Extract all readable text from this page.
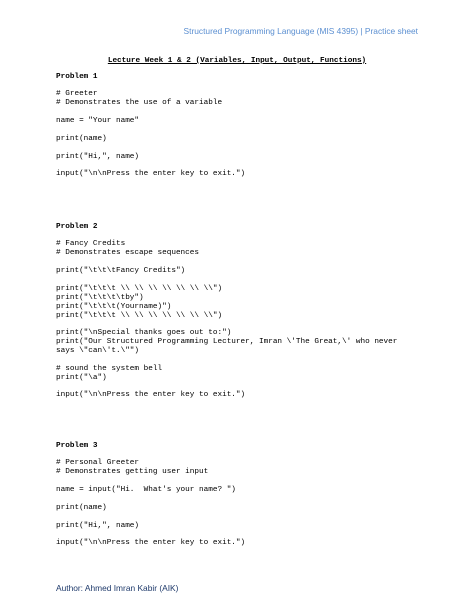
Structured Programming Language (MIS 4395) | Practice sheet
Lecture Week 1 & 2 (Variables, Input, Output, Functions)
Problem 1
# Greeter
# Demonstrates the use of a variable
name = "Your name"
print(name)
print("Hi,", name)
input("\n\nPress the enter key to exit.")
Problem 2
# Fancy Credits
# Demonstrates escape sequences
print("\t\t\tFancy Credits")
print("\t\t\t \\ \\ \\ \\ \\ \\ \\")
print("\t\t\t\tby")
print("\t\t\t(Yourname)")
print("\t\t\t \\ \\ \\ \\ \\ \\ \\")
print("\nSpecial thanks goes out to:")
print("Our Structured Programming Lecturer, Imran \'The Great,\' who never
says \"can\'t.\"")
# sound the system bell
print("\a")
input("\n\nPress the enter key to exit.")
Problem 3
# Personal Greeter
# Demonstrates getting user input
name = input("Hi.  What's your name? ")
print(name)
print("Hi,", name)
input("\n\nPress the enter key to exit.")
Author: Ahmed Imran Kabir (AIK)
